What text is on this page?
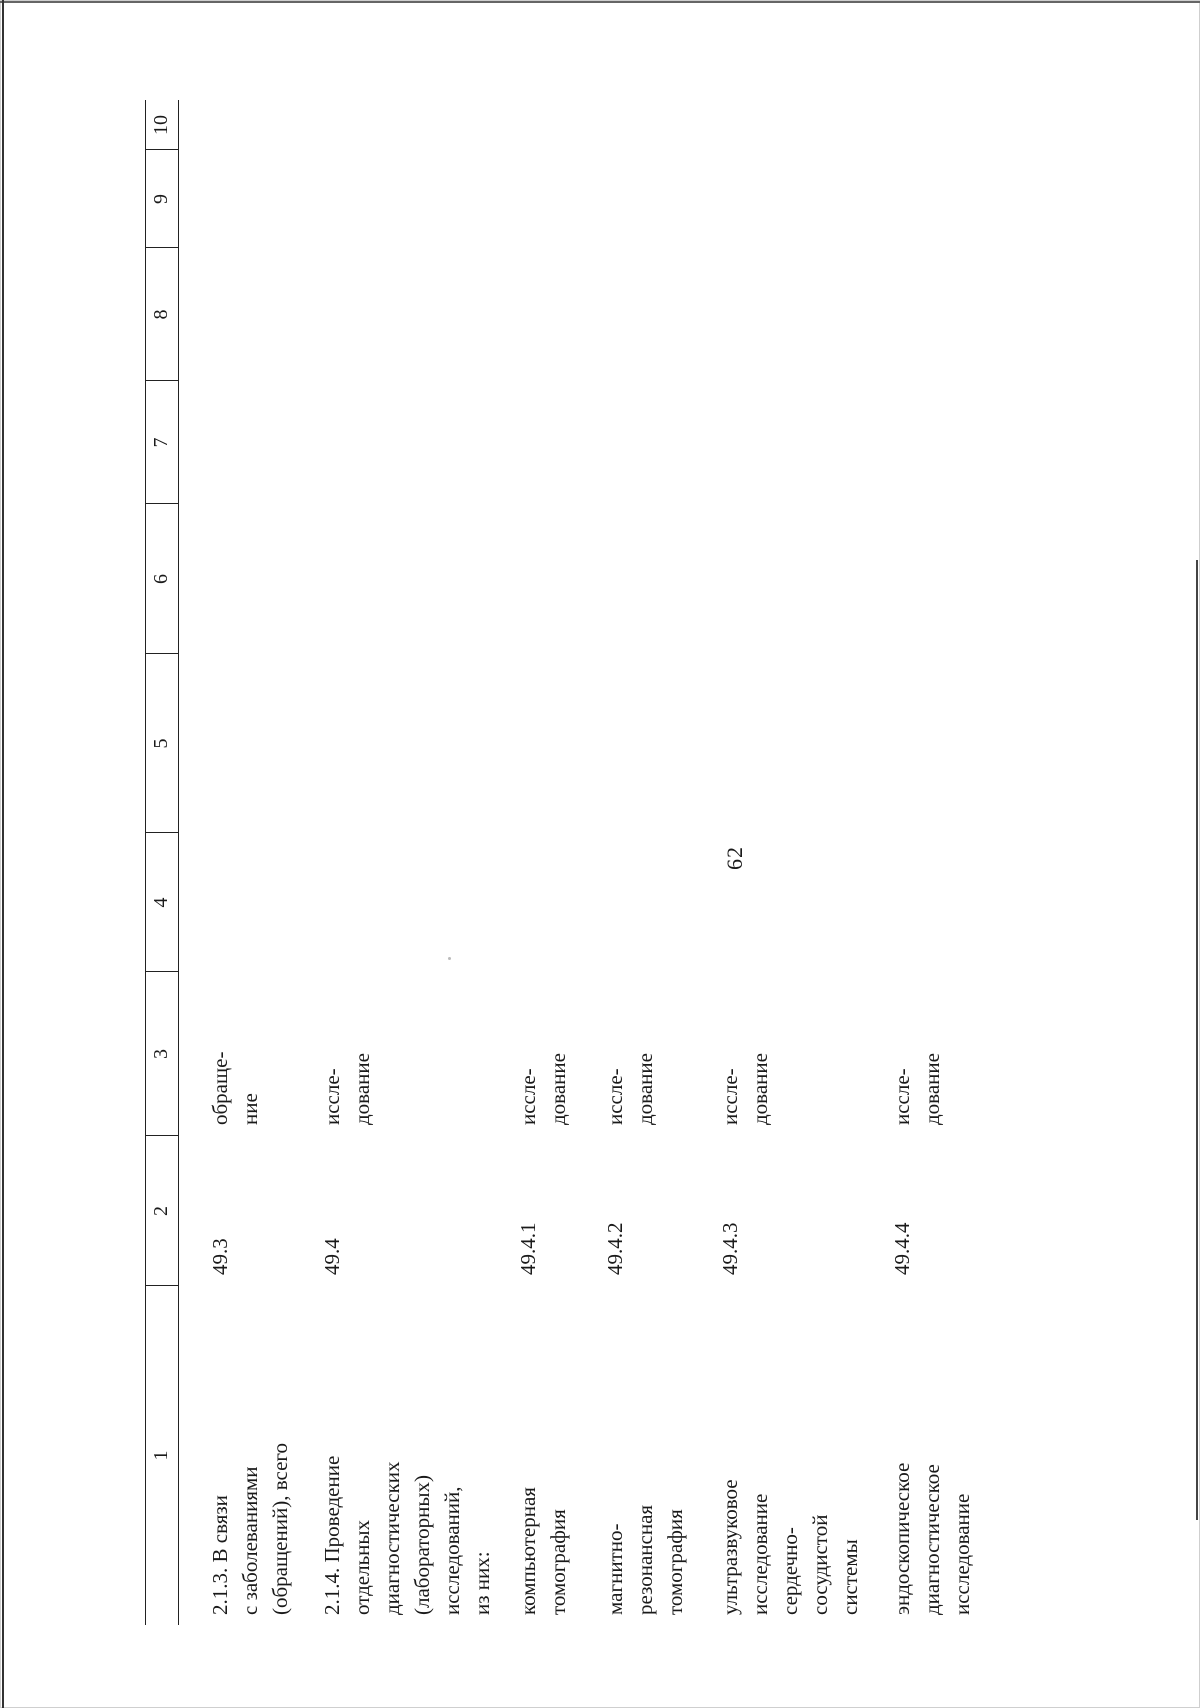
62
1
2
3
4
5
6
7
8
9
10
2.1.3. В связи
с заболеваниями
(обращений), всего
49.3
обраще-
ние
2.1.4. Проведение
отдельных
диагностических
(лабораторных)
исследований,
из них:
49.4
иссле-
дование
компьютерная
томография
49.4.1
иссле-
дование
магнитно-
резонансная
томография
49.4.2
иссле-
дование
ультразвуковое
исследование
сердечно-
сосудистой
системы
49.4.3
иссле-
дование
эндоскопическое
диагностическое
исследование
49.4.4
иссле-
дование
